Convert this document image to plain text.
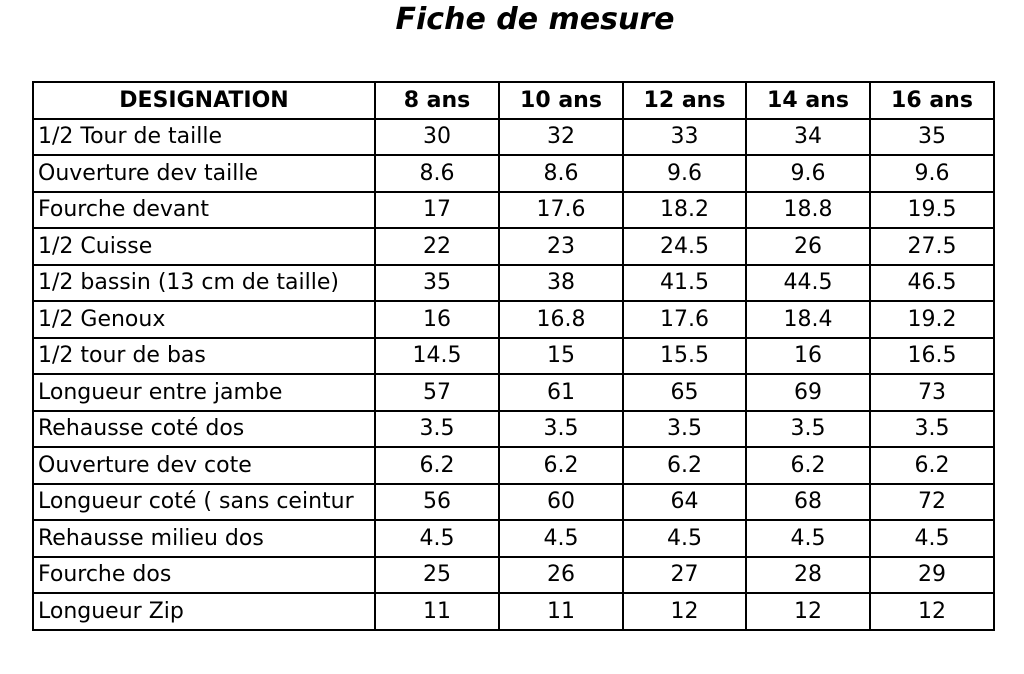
Fiche de mesure
DESIGNATION	8 ans	10 ans	12 ans	14 ans	16 ans
1/2 Tour de taille	30	32	33	34	35
Ouverture dev taille	8.6	8.6	9.6	9.6	9.6
Fourche devant	17	17.6	18.2	18.8	19.5
1/2 Cuisse	22	23	24.5	26	27.5
1/2 bassin (13 cm de taille)	35	38	41.5	44.5	46.5
1/2 Genoux	16	16.8	17.6	18.4	19.2
1/2 tour de bas	14.5	15	15.5	16	16.5
Longueur entre jambe	57	61	65	69	73
Rehausse coté dos	3.5	3.5	3.5	3.5	3.5
Ouverture dev cote	6.2	6.2	6.2	6.2	6.2
Longueur coté ( sans ceintur	56	60	64	68	72
Rehausse milieu dos	4.5	4.5	4.5	4.5	4.5
Fourche dos	25	26	27	28	29
Longueur Zip	11	11	12	12	12
